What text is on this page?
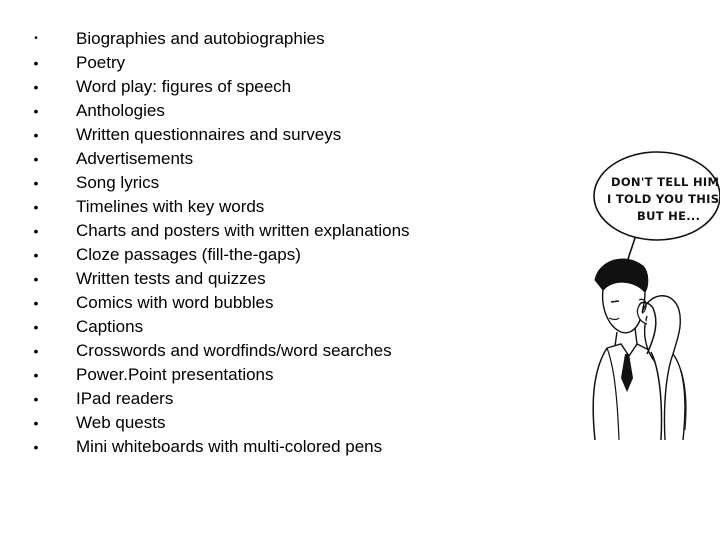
• Biographies and autobiographies
• Poetry
• Word play: figures of speech
• Anthologies
• Written questionnaires and surveys
• Advertisements
• Song lyrics
• Timelines with key words
• Charts and posters with written explanations
• Cloze passages (fill-the-gaps)
• Written tests and quizzes
• Comics with word bubbles
• Captions
• Crosswords and wordfinds/word searches
• Power.Point presentations
• IPad readers
• Web quests
• Mini whiteboards with multi-colored pens
DON'T TELL HIM
I TOLD YOU THIS
BUT HE...
